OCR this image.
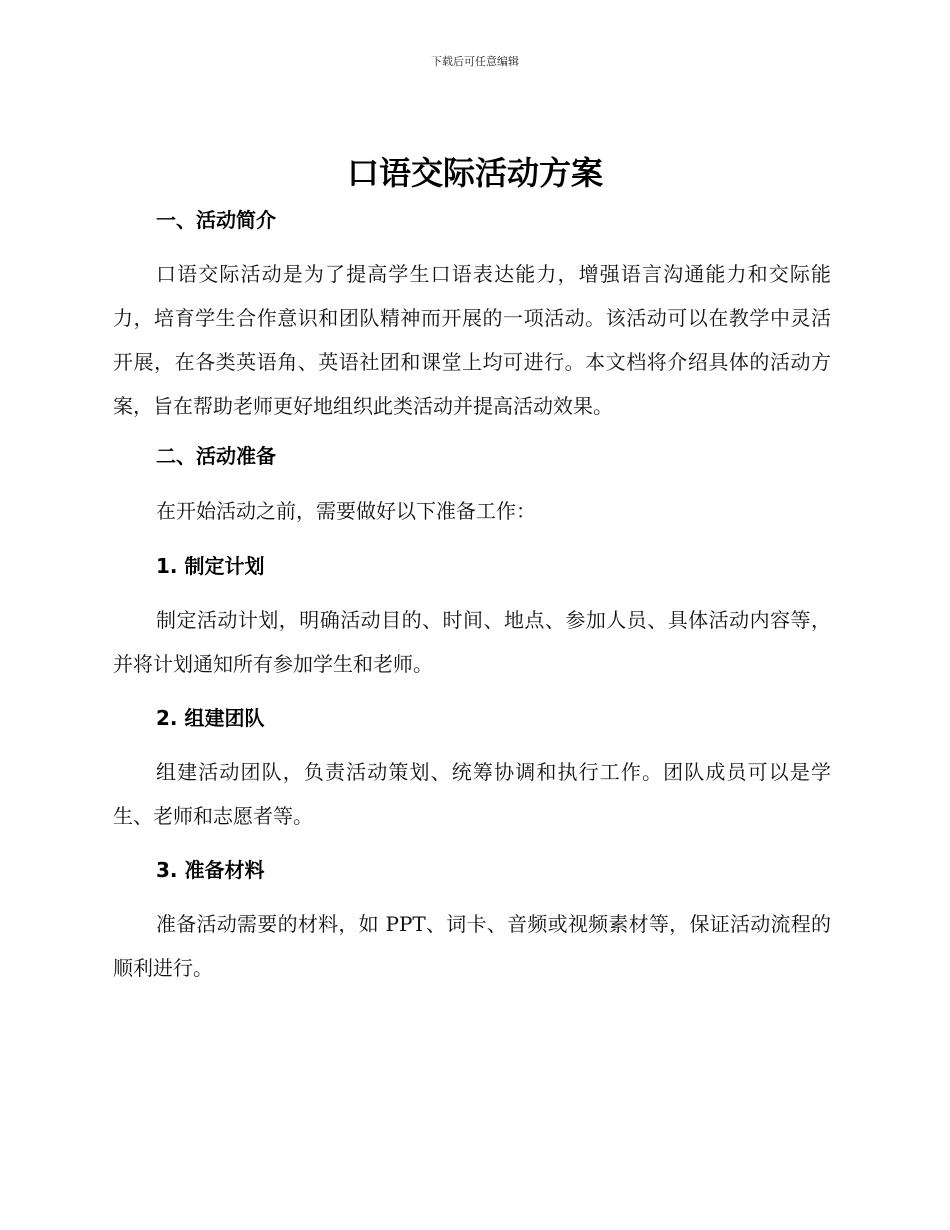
下载后可任意编辑
口语交际活动方案
一、活动简介
口语交际活动是为了提高学生口语表达能力，增强语言沟通能力和交际能力，培育学生合作意识和团队精神而开展的一项活动。该活动可以在教学中灵活开展，在各类英语角、英语社团和课堂上均可进行。本文档将介绍具体的活动方案，旨在帮助老师更好地组织此类活动并提高活动效果。
二、活动准备
在开始活动之前，需要做好以下准备工作：
1. 制定计划
制定活动计划，明确活动目的、时间、地点、参加人员、具体活动内容等，并将计划通知所有参加学生和老师。
2. 组建团队
组建活动团队，负责活动策划、统筹协调和执行工作。团队成员可以是学生、老师和志愿者等。
3. 准备材料
准备活动需要的材料，如 PPT、词卡、音频或视频素材等，保证活动流程的顺利进行。
